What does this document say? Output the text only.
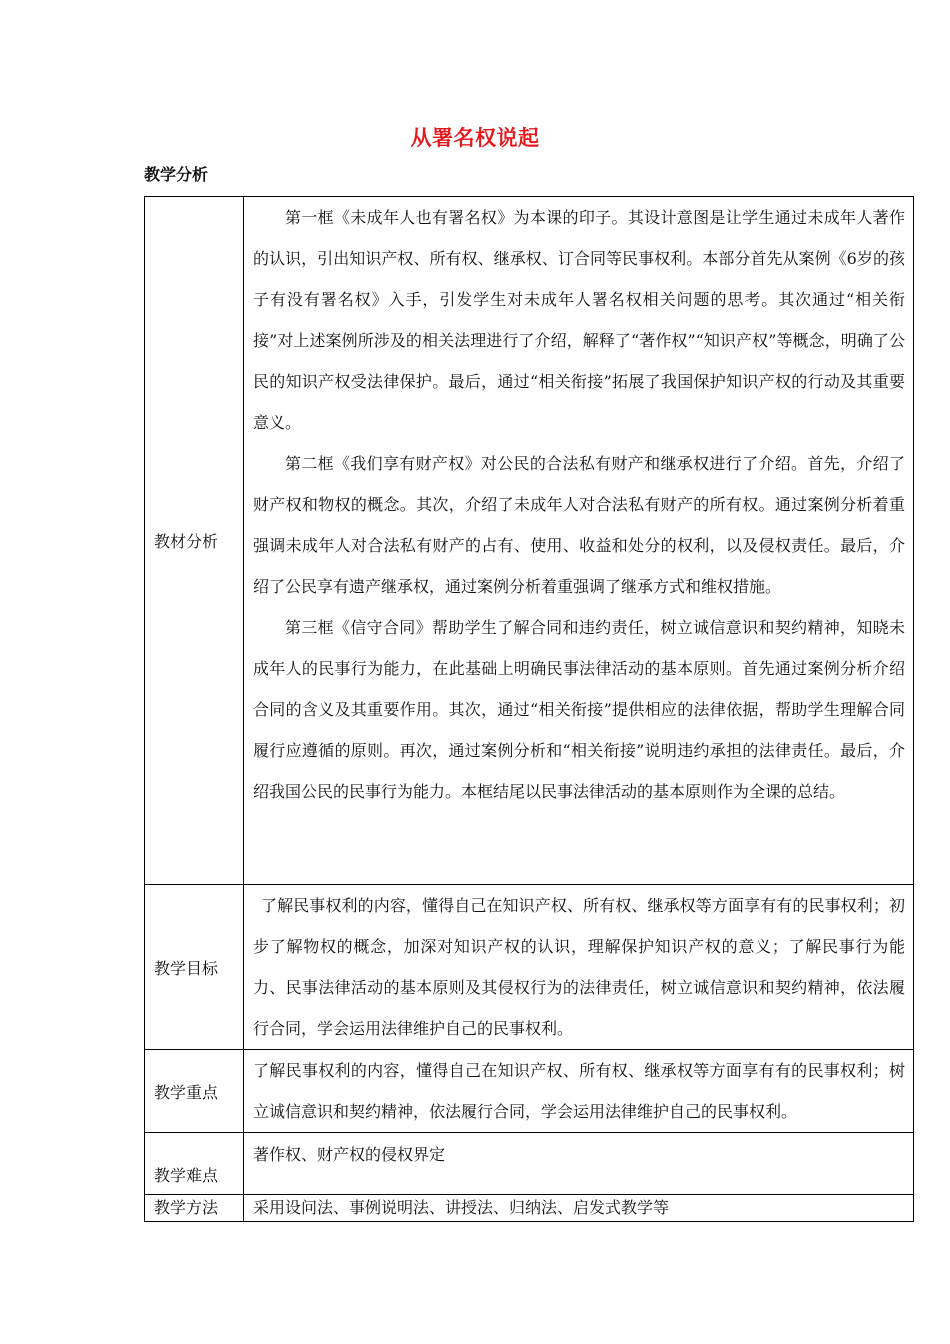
从署名权说起
教学分析
教材分析	第一框《未成年人也有署名权》为本课的印子。其设计意图是让学生通过未成年人著作的认识，引出知识产权、所有权、继承权、订合同等民事权利。本部分首先从案例《6岁的孩子有没有署名权》入手，引发学生对未成年人署名权相关问题的思考。其次通过“相关衔接”对上述案例所涉及的相关法理进行了介绍，解释了“著作权”“知识产权”等概念，明确了公民的知识产权受法律保护。最后，通过“相关衔接”拓展了我国保护知识产权的行动及其重要意义。

第二框《我们享有财产权》对公民的合法私有财产和继承权进行了介绍。首先，介绍了财产权和物权的概念。其次，介绍了未成年人对合法私有财产的所有权。通过案例分析着重强调未成年人对合法私有财产的占有、使用、收益和处分的权利，以及侵权责任。最后，介绍了公民享有遗产继承权，通过案例分析着重强调了继承方式和维权措施。

第三框《信守合同》帮助学生了解合同和违约责任，树立诚信意识和契约精神，知晓未成年人的民事行为能力，在此基础上明确民事法律活动的基本原则。首先通过案例分析介绍合同的含义及其重要作用。其次，通过“相关衔接”提供相应的法律依据，帮助学生理解合同履行应遵循的原则。再次，通过案例分析和“相关衔接”说明违约承担的法律责任。最后，介绍我国公民的民事行为能力。本框结尾以民事法律活动的基本原则作为全课的总结。

教学目标	了解民事权利的内容，懂得自己在知识产权、所有权、继承权等方面享有有的民事权利；初步了解物权的概念，加深对知识产权的认识，理解保护知识产权的意义；了解民事行为能力、民事法律活动的基本原则及其侵权行为的法律责任，树立诚信意识和契约精神，依法履行合同，学会运用法律维护自己的民事权利。

教学重点	了解民事权利的内容，懂得自己在知识产权、所有权、继承权等方面享有有的民事权利；树立诚信意识和契约精神，依法履行合同，学会运用法律维护自己的民事权利。

教学难点	著作权、财产权的侵权界定

教学方法	采用设问法、事例说明法、讲授法、归纳法、启发式教学等
